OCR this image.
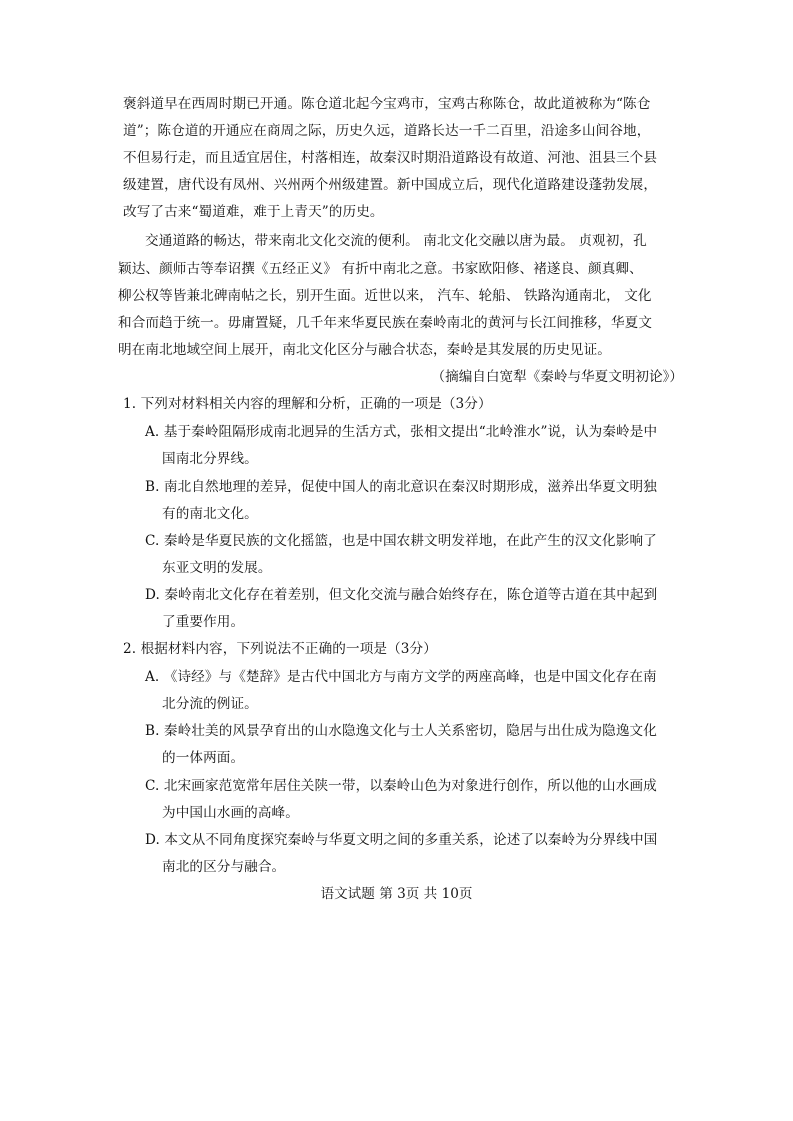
褒斜道早在西周时期已开通。陈仓道北起今宝鸡市，宝鸡古称陈仓，故此道被称为“陈仓
道”；陈仓道的开通应在商周之际，历史久远，道路长达一千二百里，沿途多山间谷地，
不但易行走，而且适宜居住，村落相连，故秦汉时期沿道路设有故道、河池、沮县三个县
级建置，唐代设有凤州、兴州两个州级建置。新中国成立后，现代化道路建设蓬勃发展，
改写了古来“蜀道难，难于上青天”的历史。
交通道路的畅达，带来南北文化交流的便利。 南北文化交融以唐为最。 贞观初，孔
颖达、颜师古等奉诏撰《五经正义》 有折中南北之意。书家欧阳修、褚遂良、颜真卿、
柳公权等皆兼北碑南帖之长，别开生面。近世以来， 汽车、轮船、 铁路沟通南北， 文化
和合而趋于统一。毋庸置疑，几千年来华夏民族在秦岭南北的黄河与长江间推移，华夏文
明在南北地域空间上展开，南北文化区分与融合状态，秦岭是其发展的历史见证。
（摘编自白宽犁《秦岭与华夏文明初论》）
1. 下列对材料相关内容的理解和分析，正确的一项是（3分）
A. 基于秦岭阻隔形成南北迥异的生活方式，张相文提出“北岭淮水”说，认为秦岭是中
国南北分界线。
B. 南北自然地理的差异，促使中国人的南北意识在秦汉时期形成，滋养出华夏文明独
有的南北文化。
C. 秦岭是华夏民族的文化摇篮，也是中国农耕文明发祥地，在此产生的汉文化影响了
东亚文明的发展。
D. 秦岭南北文化存在着差别，但文化交流与融合始终存在，陈仓道等古道在其中起到
了重要作用。
2. 根据材料内容，下列说法不正确的一项是（3分）
A. 《诗经》与《楚辞》是古代中国北方与南方文学的两座高峰，也是中国文化存在南
北分流的例证。
B. 秦岭壮美的风景孕育出的山水隐逸文化与士人关系密切，隐居与出仕成为隐逸文化
的一体两面。
C. 北宋画家范宽常年居住关陕一带，以秦岭山色为对象进行创作，所以他的山水画成
为中国山水画的高峰。
D. 本文从不同角度探究秦岭与华夏文明之间的多重关系，论述了以秦岭为分界线中国
南北的区分与融合。
语文试题 第 3页 共 10页
